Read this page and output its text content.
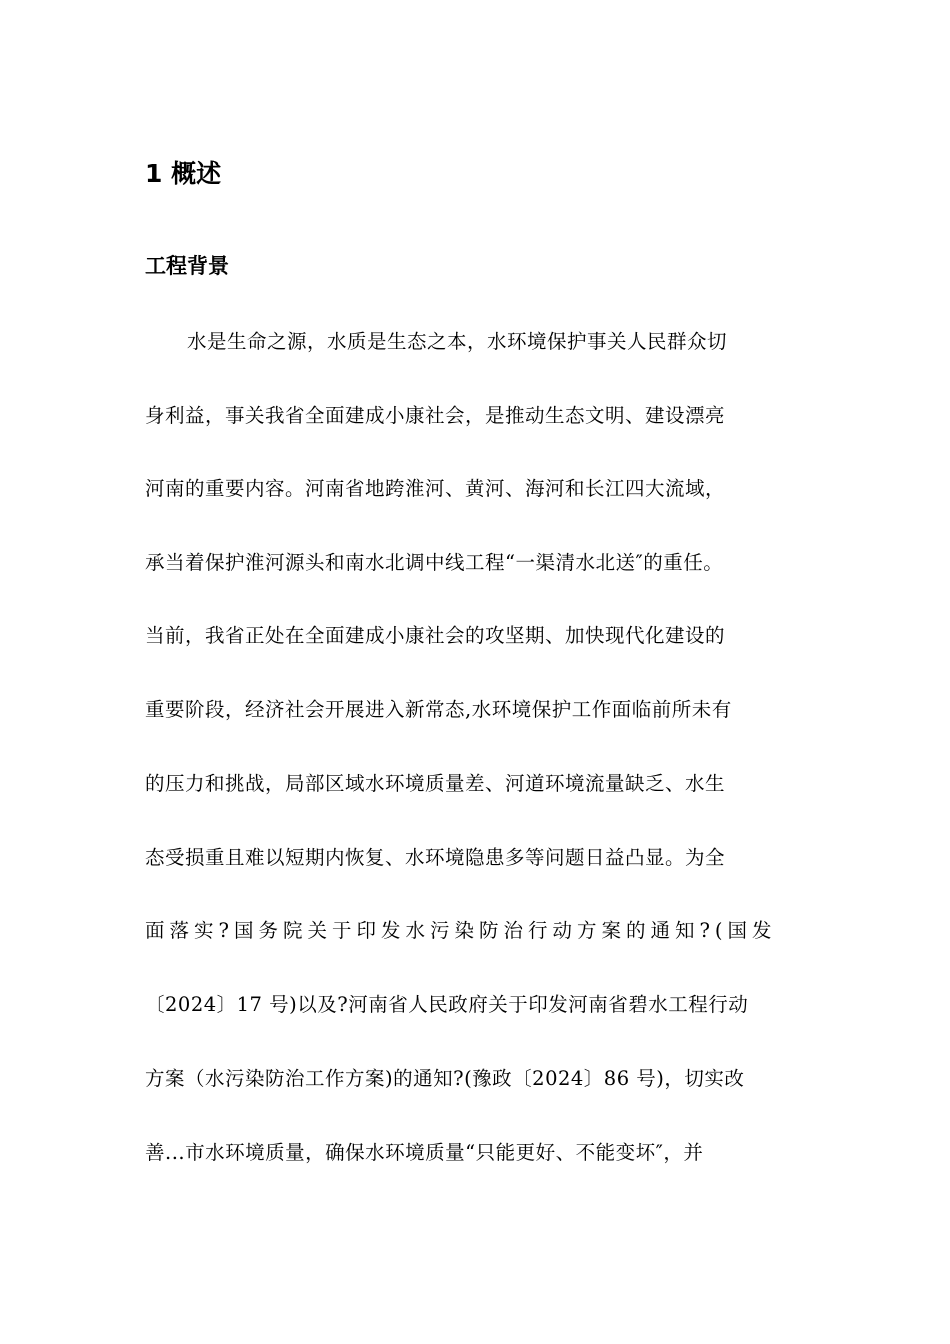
1 概述
工程背景
水是生命之源，水质是生态之本，水环境保护事关人民群众切
身利益，事关我省全面建成小康社会，是推动生态文明、建设漂亮
河南的重要内容。河南省地跨淮河、黄河、海河和长江四大流域，
承当着保护淮河源头和南水北调中线工程“一渠清水北送″的重任。
当前，我省正处在全面建成小康社会的攻坚期、加快现代化建设的
重要阶段，经济社会开展进入新常态,水环境保护工作面临前所未有
的压力和挑战，局部区域水环境质量差、河道环境流量缺乏、水生
态受损重且难以短期内恢复、水环境隐患多等问题日益凸显。为全
面落实?国务院关于印发水污染防治行动方案的通知?(国发
〔2024〕17 号)以及?河南省人民政府关于印发河南省碧水工程行动
方案（水污染防治工作方案)的通知?(豫政〔2024〕86 号)，切实改
善...市水环境质量，确保水环境质量“只能更好、不能变坏″，并
